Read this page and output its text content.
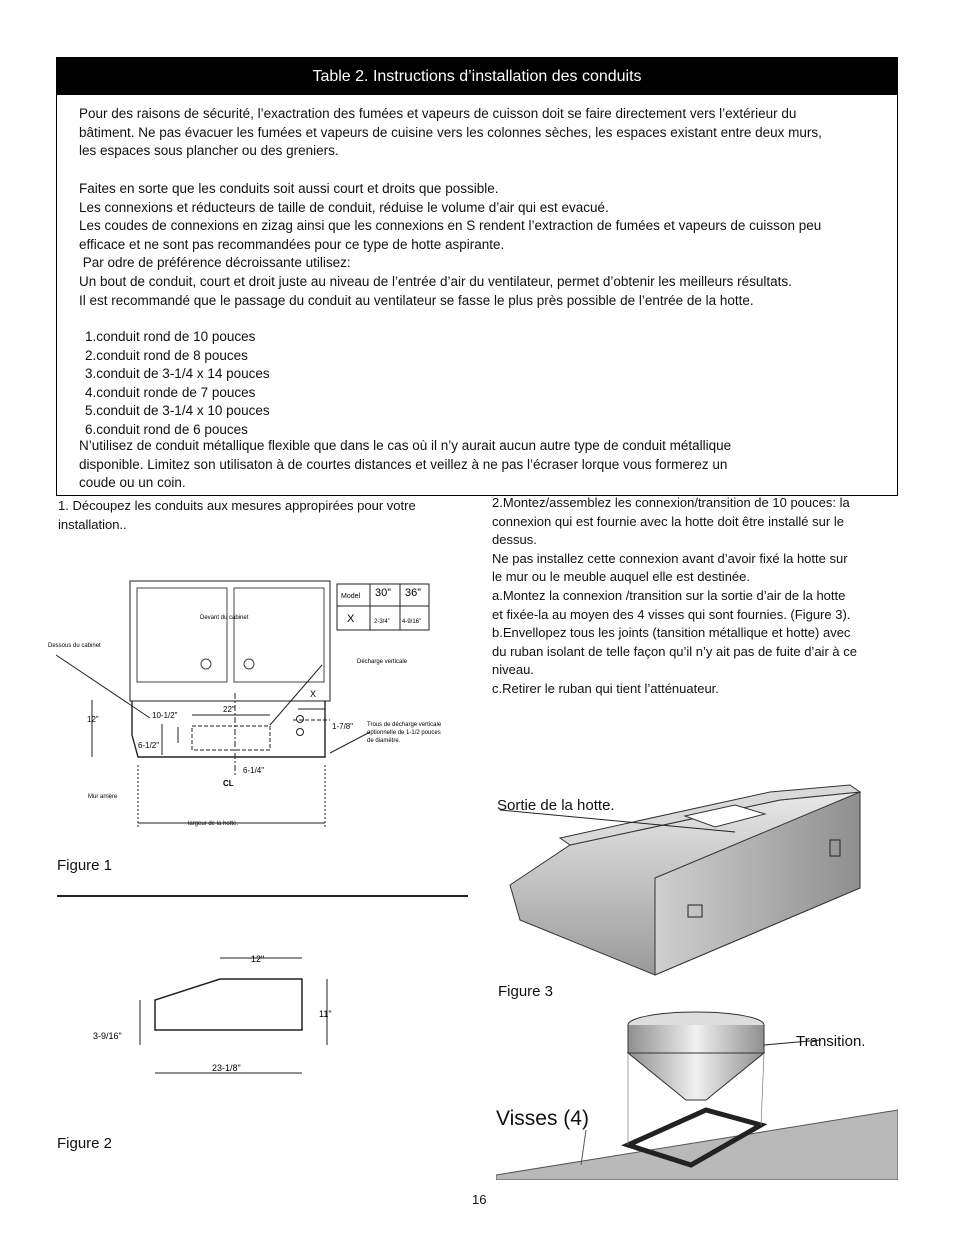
Table 2. Instructions d’installation des conduits

Pour des raisons de sécurité, l’exactration des fumées et vapeurs de cuisson doit se faire directement vers l’extérieur du
bâtiment. Ne pas évacuer les fumées et vapeurs de cuisine vers les colonnes sèches, les espaces existant entre deux murs,
les espaces sous plancher ou des greniers.

Faites en sorte que les conduits soit aussi court et droits que possible.
Les connexions et réducteurs de taille de conduit, réduise le volume d’air qui est evacué.
Les coudes de connexions en zizag ainsi que les connexions en S rendent l’extraction de fumées et vapeurs de cuisson peu
efficace et ne sont pas recommandées pour ce type de hotte aspirante.
Par odre de préférence décroissante utilisez:
Un bout de conduit, court et droit juste au niveau de l’entrée d’air du ventilateur, permet d’obtenir les meilleurs résultats.
Il est recommandé que le passage du conduit au ventilateur se fasse le plus près possible de l’entrée de la hotte.

1.conduit rond de 10 pouces
2.conduit rond de 8 pouces
3.conduit de 3-1/4 x 14 pouces
4.conduit ronde de 7 pouces
5.conduit de 3-1/4 x 10 pouces
6.conduit rond de 6 pouces

N’utilisez de conduit métallique flexible que dans le cas où il n’y aurait aucun autre type de conduit métallique
disponible. Limitez son utilisaton à de courtes distances et veillez à ne pas l’écraser lorque vous formerez un
coude ou un coin.

1. Découpez les conduits aux mesures appropirées pour votre
installation..
Model 30” 36”
X	2-3/4” 4-9/16”
Devant du cabinet
Dessous du cabinet
Décharge verticale
Trous de décharge verticale
optionnelle de 1-1/2 pouces
de diamètre.
Mur arrière
largeur de la hotte.
22"
10-1/2"
12"
6-1/2"
1-7/8"
6-1/4"
X
CL
Figure 1
12"
11"
3-9/16"
23-1/8"
Figure 2
2.Montez/assemblez les connexion/transition de 10 pouces: la
connexion qui est fournie avec la hotte doit être installé sur le
dessus.
Ne pas installez cette connexion avant d’avoir fixé la hotte sur
le mur ou le meuble auquel elle est destinée.
a.Montez la connexion /transition sur la sortie d’air de la hotte
et fixée-la au moyen des 4 visses qui sont fournies. (Figure 3).
b.Envellopez tous les joints (tansition métallique et hotte) avec
du ruban isolant de telle façon qu’il n’y ait pas de fuite d’air à ce
niveau.
c.Retirer le ruban qui tient l’atténuateur.
Sortie de la hotte.
Figure 3
Transition.
Visses (4)
16
